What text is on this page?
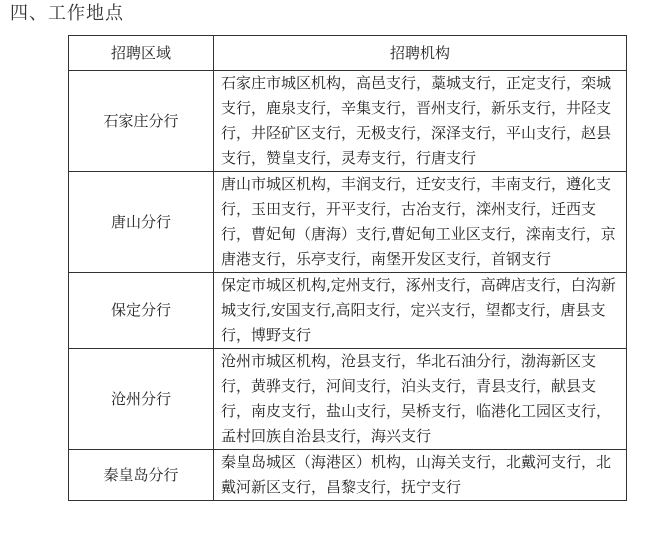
四、工作地点
招聘区域	招聘机构
石家庄分行	石家庄市城区机构，高邑支行，藁城支行，正定支行，栾城支行，鹿泉支行，辛集支行，晋州支行，新乐支行，井陉支行，井陉矿区支行，无极支行，深泽支行，平山支行，赵县支行，赞皇支行，灵寿支行，行唐支行
唐山分行	唐山市城区机构，丰润支行，迁安支行，丰南支行，遵化支行，玉田支行，开平支行，古冶支行，滦州支行，迁西支行，曹妃甸（唐海）支行,曹妃甸工业区支行，滦南支行，京唐港支行，乐亭支行，南堡开发区支行，首钢支行
保定分行	保定市城区机构,定州支行，涿州支行，高碑店支行，白沟新城支行,安国支行,高阳支行，定兴支行，望都支行，唐县支行，博野支行
沧州分行	沧州市城区机构，沧县支行，华北石油分行，渤海新区支行，黄骅支行，河间支行，泊头支行，青县支行，献县支行，南皮支行，盐山支行，吴桥支行，临港化工园区支行，孟村回族自治县支行，海兴支行
秦皇岛分行	秦皇岛城区（海港区）机构，山海关支行，北戴河支行，北戴河新区支行，昌黎支行，抚宁支行
